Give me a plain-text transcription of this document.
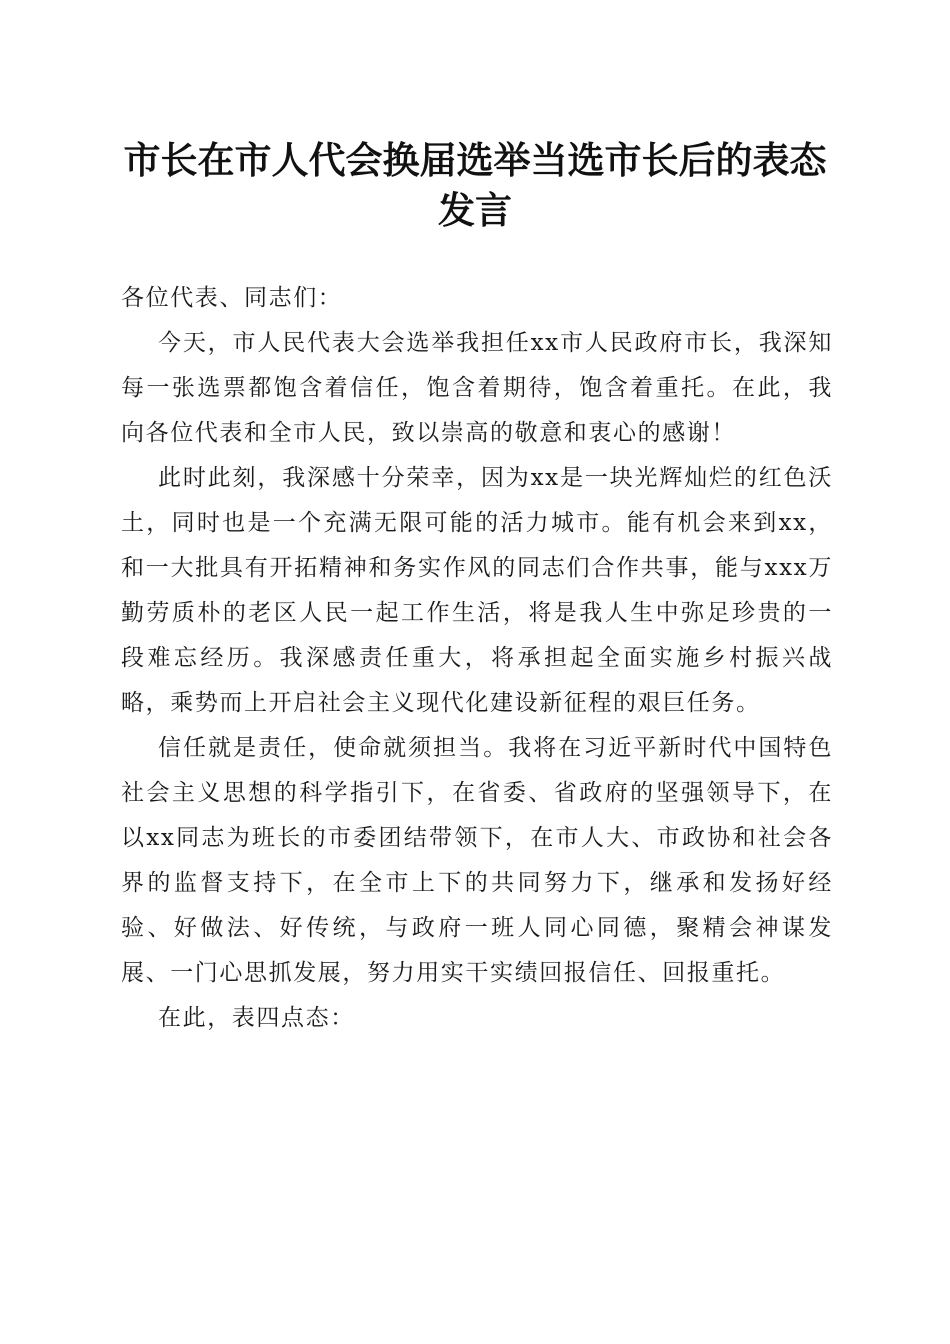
市长在市人代会换届选举当选市长后的表态发言

各位代表、同志们：

今天，市人民代表大会选举我担任xx市人民政府市长，我深知每一张选票都饱含着信任，饱含着期待，饱含着重托。在此，我向各位代表和全市人民，致以崇高的敬意和衷心的感谢！

此时此刻，我深感十分荣幸，因为xx是一块光辉灿烂的红色沃土，同时也是一个充满无限可能的活力城市。能有机会来到xx，和一大批具有开拓精神和务实作风的同志们合作共事，能与xxx万勤劳质朴的老区人民一起工作生活，将是我人生中弥足珍贵的一段难忘经历。我深感责任重大，将承担起全面实施乡村振兴战略，乘势而上开启社会主义现代化建设新征程的艰巨任务。

信任就是责任，使命就须担当。我将在习近平新时代中国特色社会主义思想的科学指引下，在省委、省政府的坚强领导下，在以xx同志为班长的市委团结带领下，在市人大、市政协和社会各界的监督支持下，在全市上下的共同努力下，继承和发扬好经验、好做法、好传统，与政府一班人同心同德，聚精会神谋发展、一门心思抓发展，努力用实干实绩回报信任、回报重托。

在此，表四点态：
